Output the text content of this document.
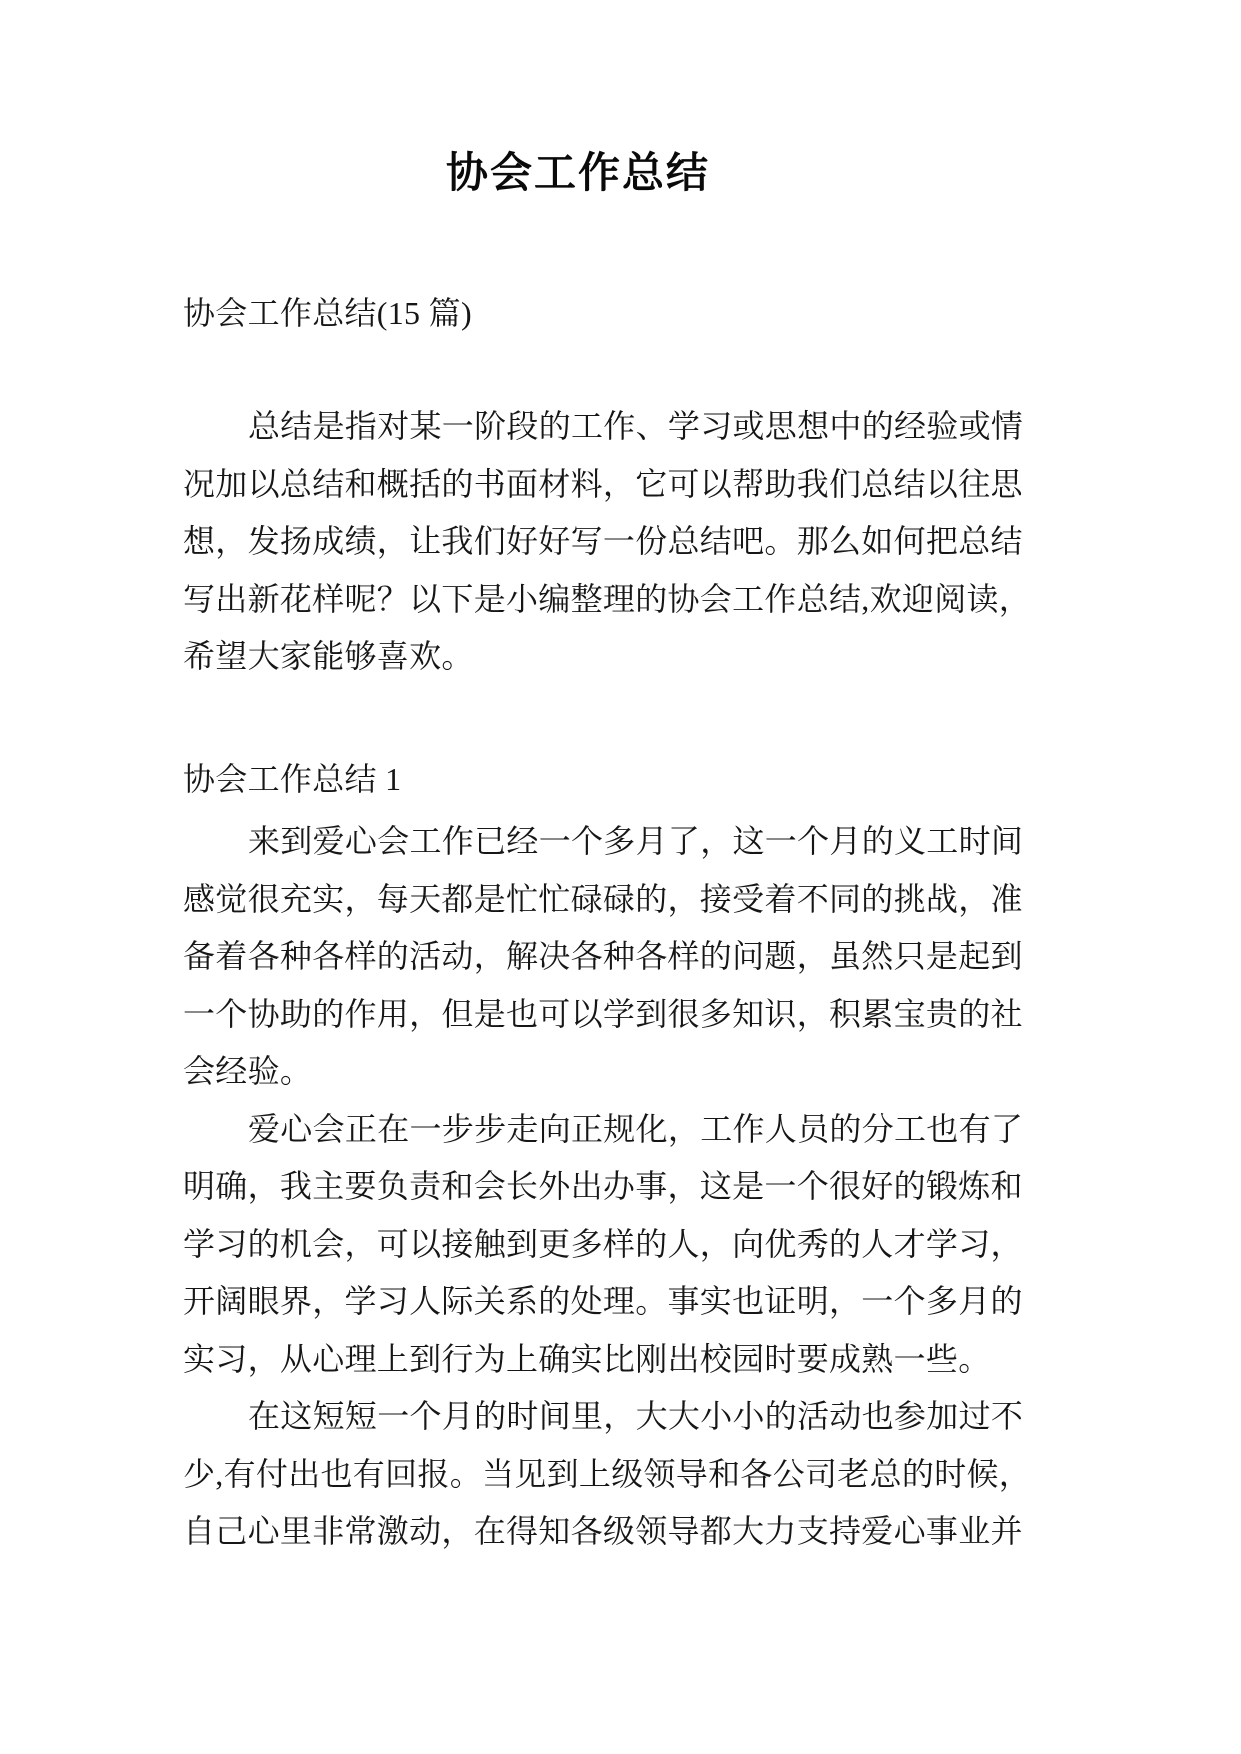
协会工作总结
协会工作总结(15 篇)
总结是指对某一阶段的工作、学习或思想中的经验或情
况加以总结和概括的书面材料，它可以帮助我们总结以往思
想，发扬成绩，让我们好好写一份总结吧。那么如何把总结
写出新花样呢？以下是小编整理的协会工作总结,欢迎阅读，
希望大家能够喜欢。
协会工作总结 1
来到爱心会工作已经一个多月了，这一个月的义工时间
感觉很充实，每天都是忙忙碌碌的，接受着不同的挑战，准
备着各种各样的活动，解决各种各样的问题，虽然只是起到
一个协助的作用，但是也可以学到很多知识，积累宝贵的社
会经验。
爱心会正在一步步走向正规化，工作人员的分工也有了
明确，我主要负责和会长外出办事，这是一个很好的锻炼和
学习的机会，可以接触到更多样的人，向优秀的人才学习，
开阔眼界，学习人际关系的处理。事实也证明，一个多月的
实习，从心理上到行为上确实比刚出校园时要成熟一些。
在这短短一个月的时间里，大大小小的活动也参加过不
少,有付出也有回报。当见到上级领导和各公司老总的时候，
自己心里非常激动，在得知各级领导都大力支持爱心事业并
